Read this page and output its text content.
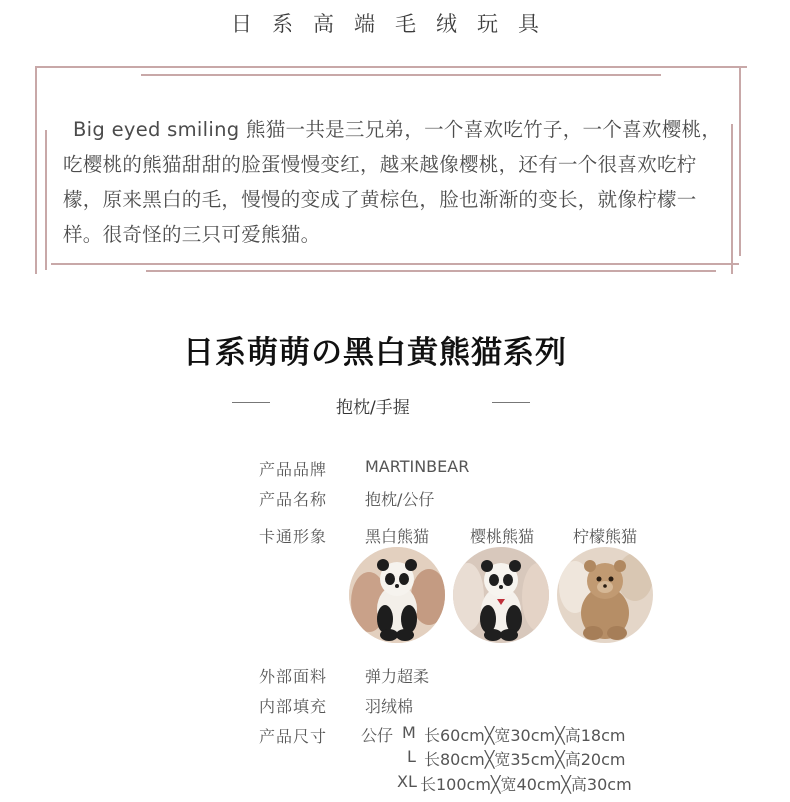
日系高端毛绒玩具
Big eyed smiling 熊猫一共是三兄弟，一个喜欢吃竹子，一个喜欢樱桃，吃樱桃的熊猫甜甜的脸蛋慢慢变红，越来越像樱桃，还有一个很喜欢吃柠檬，原来黑白的毛，慢慢的变成了黄棕色，脸也渐渐的变长，就像柠檬一样。很奇怪的三只可爱熊猫。
日系萌萌の黑白黄熊猫系列
抱枕/手握
产品品牌 MARTINBEAR
产品名称 抱枕/公仔
卡通形象 黑白熊猫	樱桃熊猫 柠檬熊猫
外部面料 弹力超柔
内部填充 羽绒棉
产品尺寸 公仔 M 长60cm╳宽30cm╳高18cm
L 长80cm╳宽35cm╳高20cm
XL 长100cm╳宽40cm╳高30cm
